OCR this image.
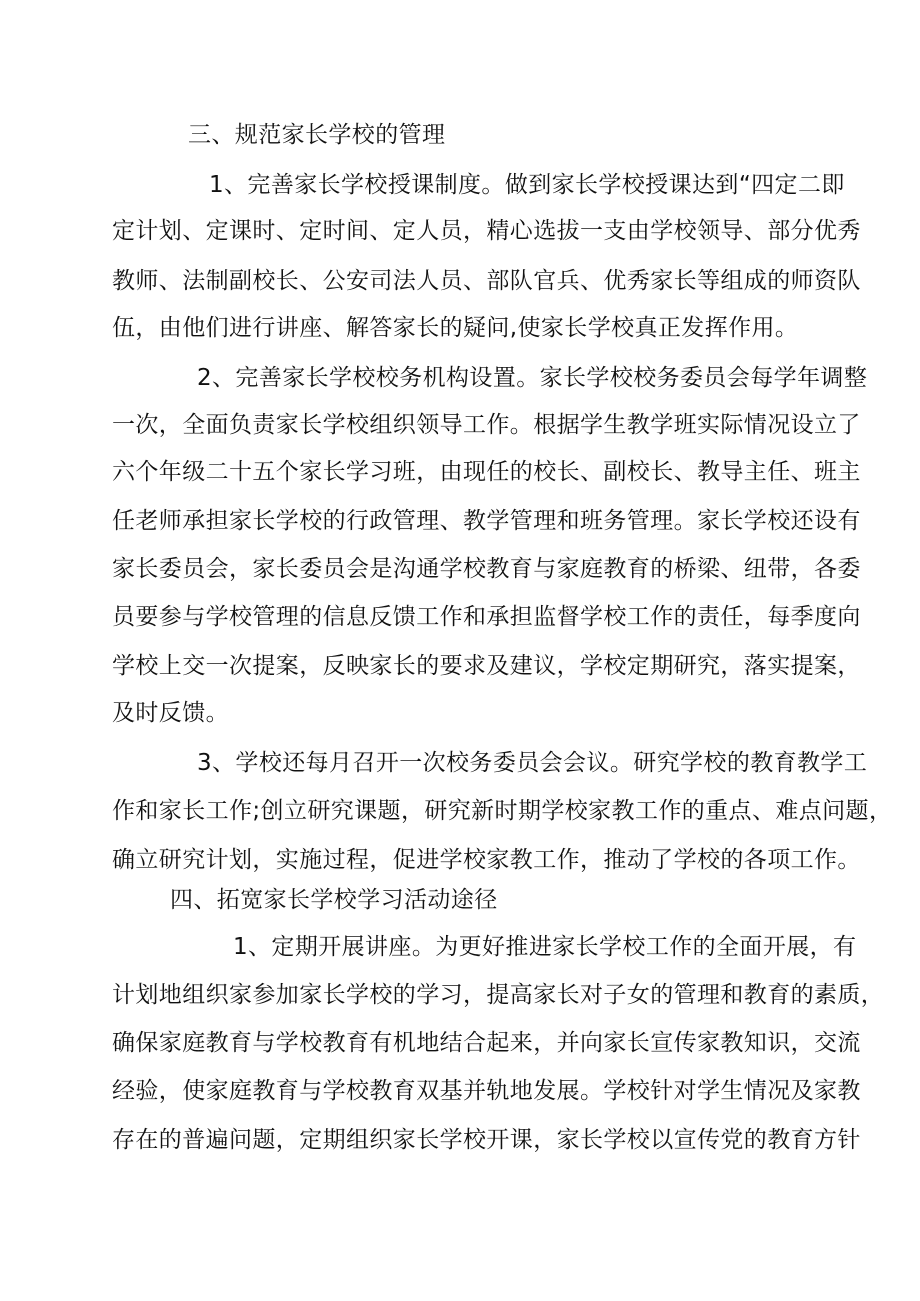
三、规范家长学校的管理
1、完善家长学校授课制度。做到家长学校授课达到“四定二即
定计划、定课时、定时间、定人员，精心选拔一支由学校领导、部分优秀
教师、法制副校长、公安司法人员、部队官兵、优秀家长等组成的师资队
伍，由他们进行讲座、解答家长的疑问,使家长学校真正发挥作用。
2、完善家长学校校务机构设置。家长学校校务委员会每学年调整
一次，全面负责家长学校组织领导工作。根据学生教学班实际情况设立了
六个年级二十五个家长学习班，由现任的校长、副校长、教导主任、班主
任老师承担家长学校的行政管理、教学管理和班务管理。家长学校还设有
家长委员会，家长委员会是沟通学校教育与家庭教育的桥梁、纽带，各委
员要参与学校管理的信息反馈工作和承担监督学校工作的责任，每季度向
学校上交一次提案，反映家长的要求及建议，学校定期研究，落实提案，
及时反馈。
3、学校还每月召开一次校务委员会会议。研究学校的教育教学工
作和家长工作;创立研究课题，研究新时期学校家教工作的重点、难点问题，
确立研究计划，实施过程，促进学校家教工作，推动了学校的各项工作。
四、拓宽家长学校学习活动途径
1、定期开展讲座。为更好推进家长学校工作的全面开展，有
计划地组织家参加家长学校的学习，提高家长对子女的管理和教育的素质，
确保家庭教育与学校教育有机地结合起来，并向家长宣传家教知识，交流
经验，使家庭教育与学校教育双基并轨地发展。学校针对学生情况及家教
存在的普遍问题，定期组织家长学校开课，家长学校以宣传党的教育方针
